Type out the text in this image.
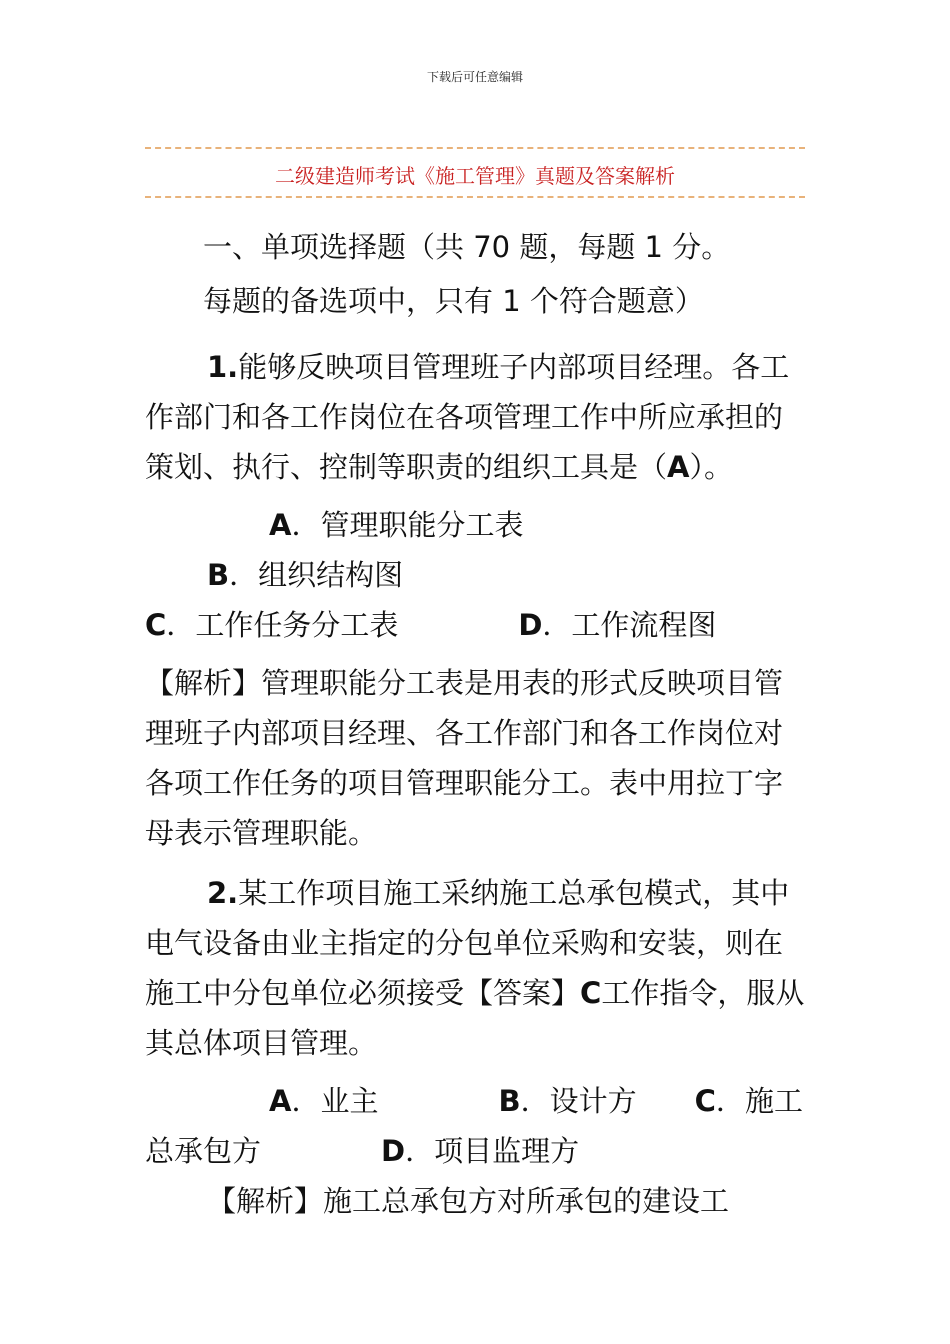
下载后可任意编辑
二级建造师考试《施工管理》真题及答案解析

一、单项选择题（共 70 题，每题 1 分。

每题的备选项中，只有 1 个符合题意）

1.能够反映项目管理班子内部项目经理。各工作部门和各工作岗位在各项管理工作中所应承担的策划、执行、控制等职责的组织工具是（A）。

A．管理职能分工表B．组织结构图
C．工作任务分工表	D．工作流程图

【解析】管理职能分工表是用表的形式反映项目管理班子内部项目经理、各工作部门和各工作岗位对各项工作任务的项目管理职能分工。表中用拉丁字母表示管理职能。

2.某工作项目施工采纳施工总承包模式，其中电气设备由业主指定的分包单位采购和安装，则在施工中分包单位必须接受【答案】C工作指令，服从其总体项目管理。

A．业主	B．设计方 C．施工总承包方	D．项目监理方

【解析】施工总承包方对所承包的建设工
